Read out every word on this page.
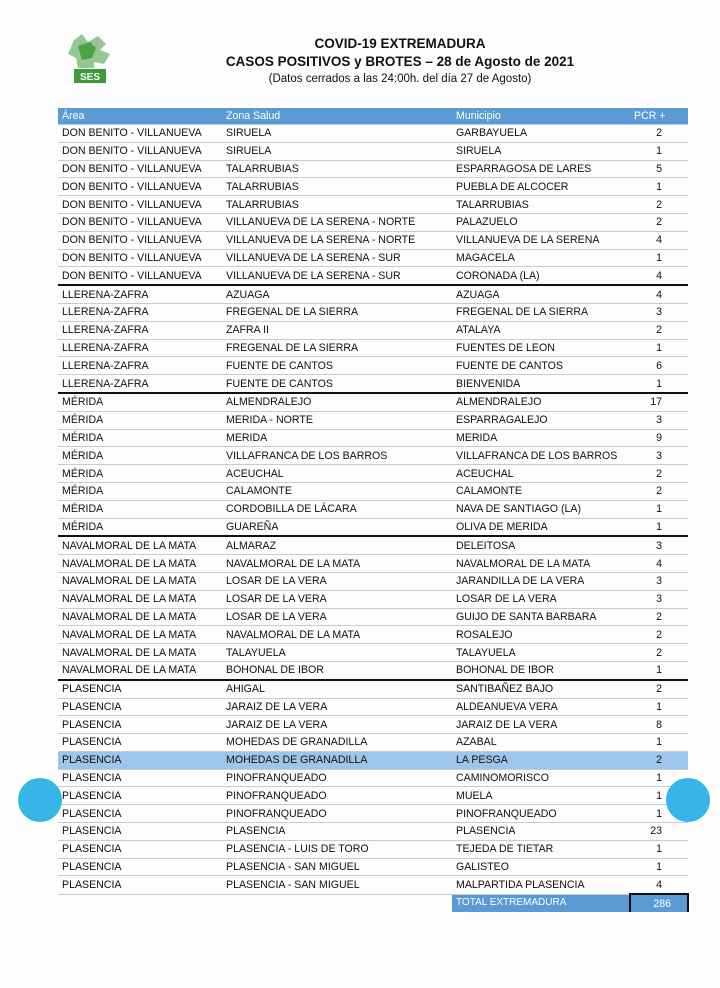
SES
COVID-19 EXTREMADURA
CASOS POSITIVOS y BROTES – 28 de Agosto de 2021
(Datos cerrados a las 24:00h. del día 27 de Agosto)
Área	Zona Salud	Municipio	PCR +
DON BENITO - VILLANUEVA	SIRUELA	GARBAYUELA	2
DON BENITO - VILLANUEVA	SIRUELA	SIRUELA	1
DON BENITO - VILLANUEVA	TALARRUBIAS	ESPARRAGOSA DE LARES	5
DON BENITO - VILLANUEVA	TALARRUBIAS	PUEBLA DE ALCOCER	1
DON BENITO - VILLANUEVA	TALARRUBIAS	TALARRUBIAS	2
DON BENITO - VILLANUEVA	VILLANUEVA DE LA SERENA - NORTE	PALAZUELO	2
DON BENITO - VILLANUEVA	VILLANUEVA DE LA SERENA - NORTE	VILLANUEVA DE LA SERENA	4
DON BENITO - VILLANUEVA	VILLANUEVA DE LA SERENA - SUR	MAGACELA	1
DON BENITO - VILLANUEVA	VILLANUEVA DE LA SERENA - SUR	CORONADA (LA)	4
LLERENA-ZAFRA	AZUAGA	AZUAGA	4
LLERENA-ZAFRA	FREGENAL DE LA SIERRA	FREGENAL DE LA SIERRA	3
LLERENA-ZAFRA	ZAFRA II	ATALAYA	2
LLERENA-ZAFRA	FREGENAL DE LA SIERRA	FUENTES DE LEON	1
LLERENA-ZAFRA	FUENTE DE CANTOS	FUENTE DE CANTOS	6
LLERENA-ZAFRA	FUENTE DE CANTOS	BIENVENIDA	1
MÉRIDA	ALMENDRALEJO	ALMENDRALEJO	17
MÉRIDA	MERIDA - NORTE	ESPARRAGALEJO	3
MÉRIDA	MERIDA	MERIDA	9
MÉRIDA	VILLAFRANCA DE LOS BARROS	VILLAFRANCA DE LOS BARROS	3
MÉRIDA	ACEUCHAL	ACEUCHAL	2
MÉRIDA	CALAMONTE	CALAMONTE	2
MÉRIDA	CORDOBILLA DE LÁCARA	NAVA DE SANTIAGO (LA)	1
MÉRIDA	GUAREÑA	OLIVA DE MERIDA	1
NAVALMORAL DE LA MATA	ALMARAZ	DELEITOSA	3
NAVALMORAL DE LA MATA	NAVALMORAL DE LA MATA	NAVALMORAL DE LA MATA	4
NAVALMORAL DE LA MATA	LOSAR DE LA VERA	JARANDILLA DE LA VERA	3
NAVALMORAL DE LA MATA	LOSAR DE LA VERA	LOSAR DE LA VERA	3
NAVALMORAL DE LA MATA	LOSAR DE LA VERA	GUIJO DE SANTA BARBARA	2
NAVALMORAL DE LA MATA	NAVALMORAL DE LA MATA	ROSALEJO	2
NAVALMORAL DE LA MATA	TALAYUELA	TALAYUELA	2
NAVALMORAL DE LA MATA	BOHONAL DE IBOR	BOHONAL DE IBOR	1
PLASENCIA	AHIGAL	SANTIBAÑEZ BAJO	2
PLASENCIA	JARAIZ DE LA VERA	ALDEANUEVA VERA	1
PLASENCIA	JARAIZ DE LA VERA	JARAIZ DE LA VERA	8
PLASENCIA	MOHEDAS DE GRANADILLA	AZABAL	1
PLASENCIA	MOHEDAS DE GRANADILLA	LA PESGA	2
PLASENCIA	PINOFRANQUEADO	CAMINOMORISCO	1
PLASENCIA	PINOFRANQUEADO	MUELA	1
PLASENCIA	PINOFRANQUEADO	PINOFRANQUEADO	1
PLASENCIA	PLASENCIA	PLASENCIA	23
PLASENCIA	PLASENCIA - LUIS DE TORO	TEJEDA DE TIETAR	1
PLASENCIA	PLASENCIA - SAN MIGUEL	GALISTEO	1
PLASENCIA	PLASENCIA - SAN MIGUEL	MALPARTIDA PLASENCIA	4
		TOTAL EXTREMADURA	286
